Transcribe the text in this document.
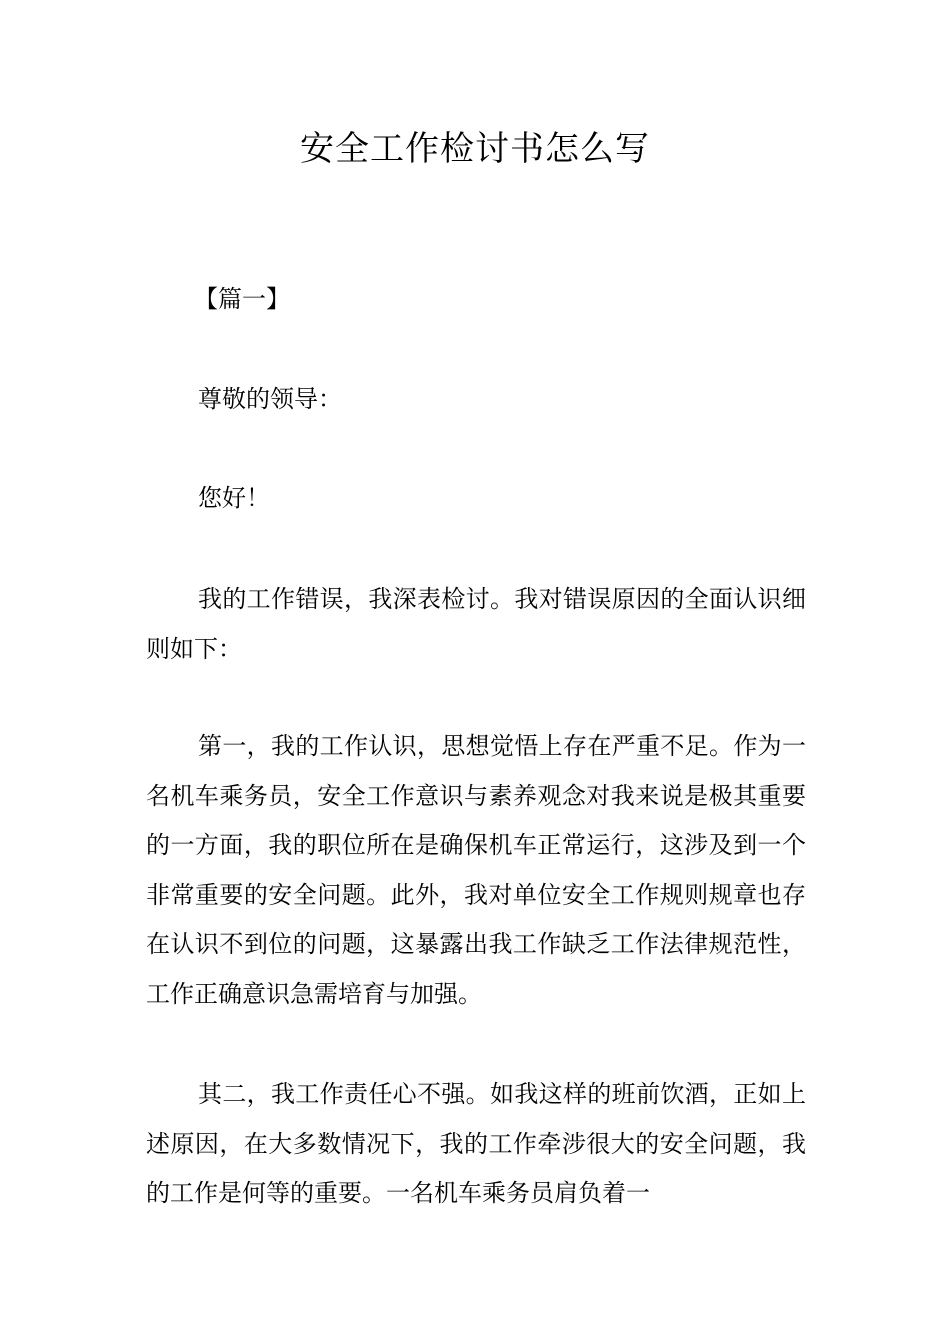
安全工作检讨书怎么写

【篇一】

尊敬的领导：

您好！

我的工作错误，我深表检讨。我对错误原因的全面认识细则如下：

第一，我的工作认识，思想觉悟上存在严重不足。作为一名机车乘务员，安全工作意识与素养观念对我来说是极其重要的一方面，我的职位所在是确保机车正常运行，这涉及到一个非常重要的安全问题。此外，我对单位安全工作规则规章也存在认识不到位的问题，这暴露出我工作缺乏工作法律规范性，工作正确意识急需培育与加强。

其二，我工作责任心不强。如我这样的班前饮酒，正如上述原因，在大多数情况下，我的工作牵涉很大的安全问题，我的工作是何等的重要。一名机车乘务员肩负着一
